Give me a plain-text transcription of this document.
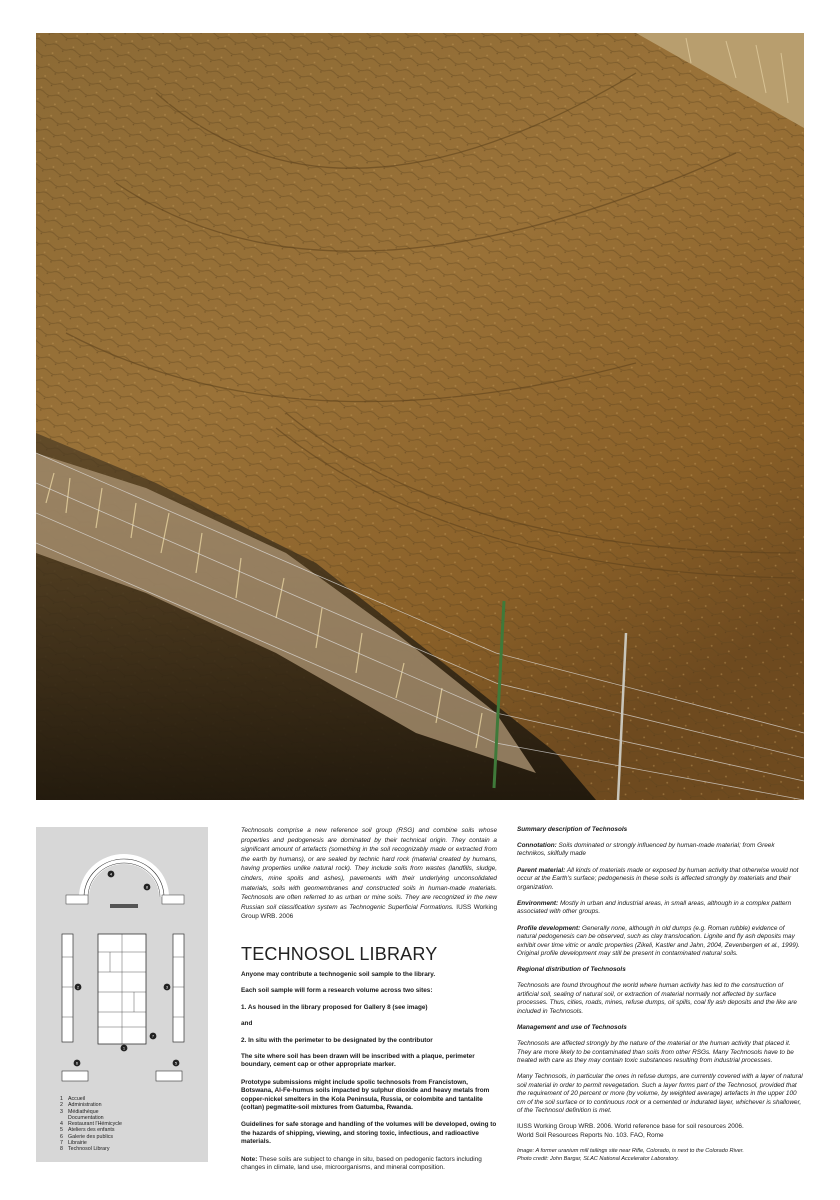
1
2	3
4
5
6
7
8
1 Accueil
2 Administration
3 Médiathèque
Documentation
4 Restaurant l'Hémicycle
5 Ateliers des enfants
6 Galerie des publics
7 Librairie
8 Technosol Library

Technosols comprise a new reference soil group (RSG) and combine soils whose properties and pedogenesis are dominated by their technical origin. They contain a significant amount of artefacts (something in the soil recognizably made or extracted from the earth by humans), or are sealed by technic hard rock (material created by humans, having properties unlike natural rock). They include soils from wastes (landfills, sludge, cinders, mine spoils and ashes), pavements with their underlying unconsolidated materials, soils with geomembranes and constructed soils in human-made materials. Technosols are often referred to as urban or mine soils. They are recognized in the new Russian soil classification system as Technogenic Superficial Formations. IUSS Working Group WRB. 2006

TECHNOSOL LIBRARY

Anyone may contribute a technogenic soil sample to the library.

Each soil sample will form a research volume across two sites:

1. As housed in the library proposed for Gallery 8 (see image)

and

2. In situ with the perimeter to be designated by the contributor

The site where soil has been drawn will be inscribed with a plaque, perimeter boundary, cement cap or other appropriate marker.

Prototype submissions might include spolic technosols from Francistown, Botswana, Al-Fe-humus soils impacted by sulphur dioxide and heavy metals from copper-nickel smelters in the Kola Peninsula, Russia, or colombite and tantalite (coltan) pegmatite-soil mixtures from Gatumba, Rwanda.

Guidelines for safe storage and handling of the volumes will be developed, owing to the hazards of shipping, viewing, and storing toxic, infectious, and radioactive materials.

Note: These soils are subject to change in situ, based on pedogenic factors including changes in climate, land use, microorganisms, and mineral composition.

Summary description of Technosols

Connotation: Soils dominated or strongly influenced by human-made material; from Greek technikos, skilfully made

Parent material: All kinds of materials made or exposed by human activity that otherwise would not occur at the Earth's surface; pedogenesis in these soils is affected strongly by materials and their organization.

Environment: Mostly in urban and industrial areas, in small areas, although in a complex pattern associated with other groups.

Profile development: Generally none, although in old dumps (e.g. Roman rubble) evidence of natural pedogenesis can be observed, such as clay translocation. Lignite and fly ash deposits may exhibit over time vitric or andic properties (Zikeli, Kastler and Jahn, 2004, Zevenbergen et al., 1999). Original profile development may still be present in contaminated natural soils.

Regional distribution of Technosols

Technosols are found throughout the world where human activity has led to the construction of artificial soil, sealing of natural soil, or extraction of material normally not affected by surface processes. Thus, cities, roads, mines, refuse dumps, oil spills, coal fly ash deposits and the like are included in Technosols.

Management and use of Technosols

Technosols are affected strongly by the nature of the material or the human activity that placed it. They are more likely to be contaminated than soils from other RSGs. Many Technosols have to be treated with care as they may contain toxic substances resulting from industrial processes.

Many Technosols, in particular the ones in refuse dumps, are currently covered with a layer of natural soil material in order to permit revegetation. Such a layer forms part of the Technosol, provided that the requirement of 20 percent or more (by volume, by weighted average) artefacts in the upper 100 cm of the soil surface or to continuous rock or a cemented or indurated layer, whichever is shallower, of the Technosol definition is met.

IUSS Working Group WRB. 2006. World reference base for soil resources 2006.
World Soil Resources Reports No. 103. FAO, Rome

Image: A former uranium mill tailings site near Rifle, Colorado, is next to the Colorado River.
Photo credit: John Bargar, SLAC National Accelerator Laboratory.
